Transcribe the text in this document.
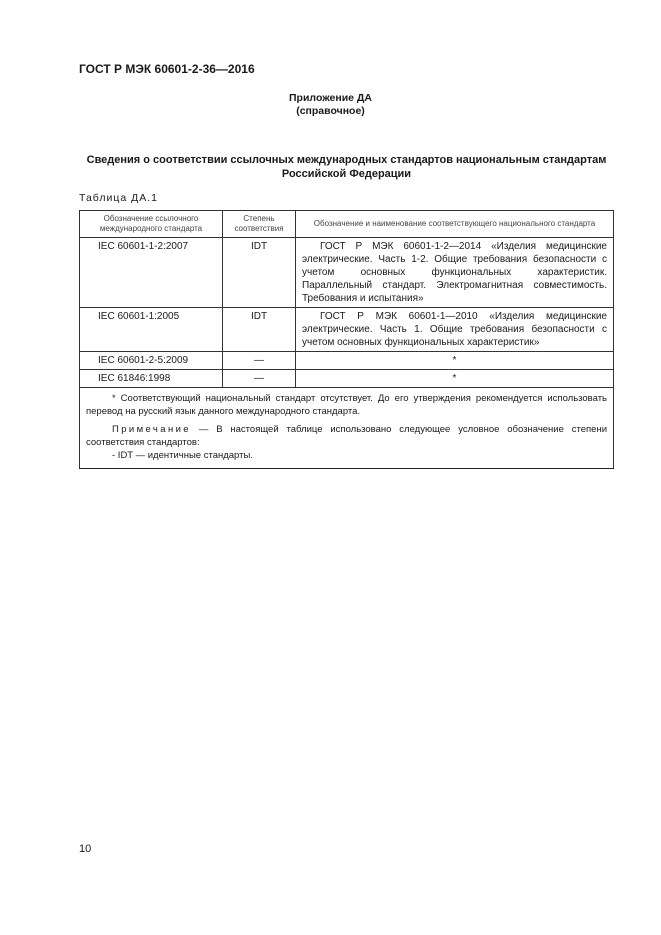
ГОСТ Р МЭК 60601-2-36—2016
Приложение ДА
(справочное)
Сведения о соответствии ссылочных международных стандартов национальным стандартам Российской Федерации
Таблица ДА.1
Обозначение ссылочного международного стандарта	Степень соответствия	Обозначение и наименование соответствующего национального стандарта
IEC 60601-1-2:2007	IDT	ГОСТ Р МЭК 60601-1-2—2014 «Изделия медицинские электрические. Часть 1-2. Общие требования безопасности с учетом основных функциональных характеристик. Параллельный стандарт. Электромагнитная совместимость. Требования и испытания»
IEC 60601-1:2005	IDT	ГОСТ Р МЭК 60601-1—2010 «Изделия медицинские электрические. Часть 1. Общие требования безопасности с учетом основных функциональных характеристик»
IEC 60601-2-5:2009	—	*
IEC 61846:1998	—	*

* Соответствующий национальный стандарт отсутствует. До его утверждения рекомендуется использовать перевод на русский язык данного международного стандарта.
Примечание — В настоящей таблице использовано следующее условное обозначение степени соответствия стандартов:
- IDT — идентичные стандарты.		
10
